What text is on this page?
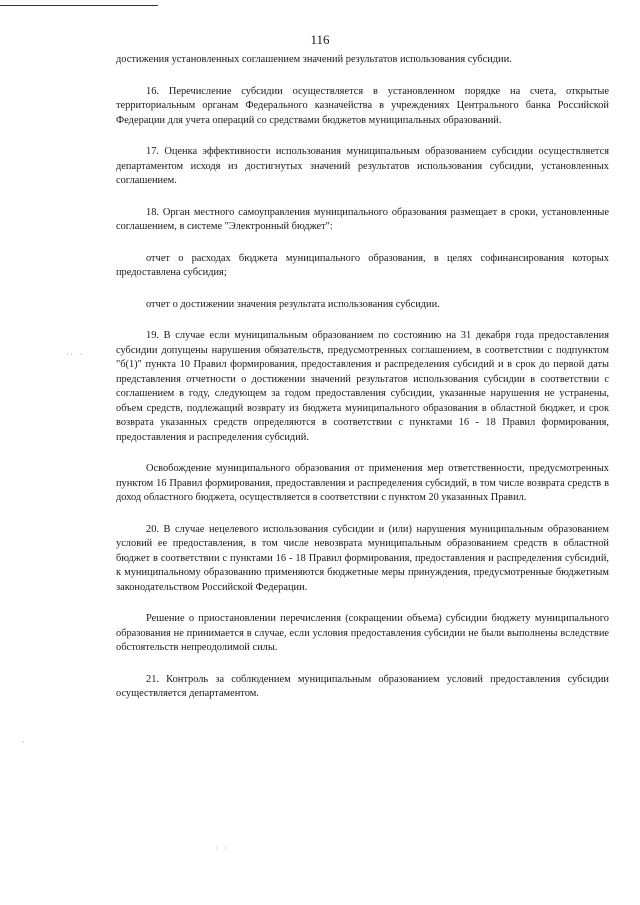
116

достижения установленных соглашением значений результатов использования субсидии.

16. Перечисление субсидии осуществляется в установленном порядке на счета, открытые территориальным органам Федерального казначейства в учреждениях Центрального банка Российской Федерации для учета операций со средствами бюджетов муниципальных образований.

17. Оценка эффективности использования муниципальным образованием субсидии осуществляется департаментом исходя из достигнутых значений результатов использования субсидии, установленных соглашением.

18. Орган местного самоуправления муниципального образования размещает в сроки, установленные соглашением, в системе "Электронный бюджет":

отчет о расходах бюджета муниципального образования, в целях софинансирования которых предоставлена субсидия;

отчет о достижении значения результата использования субсидии.

19. В случае если муниципальным образованием по состоянию на 31 декабря года предоставления субсидии допущены нарушения обязательств, предусмотренных соглашением, в соответствии с подпунктом "б(1)" пункта 10 Правил формирования, предоставления и распределения субсидий и в срок до первой даты представления отчетности о достижении значений результатов использования субсидии в соответствии с соглашением в году, следующем за годом предоставления субсидии, указанные нарушения не устранены, объем средств, подлежащий возврату из бюджета муниципального образования в областной бюджет, и срок возврата указанных средств определяются в соответствии с пунктами 16 - 18 Правил формирования, предоставления и распределения субсидий.

Освобождение муниципального образования от применения мер ответственности, предусмотренных пунктом 16 Правил формирования, предоставления и распределения субсидий, в том числе возврата средств в доход областного бюджета, осуществляется в соответствии с пунктом 20 указанных Правил.

20. В случае нецелевого использования субсидии и (или) нарушения муниципальным образованием условий ее предоставления, в том числе невозврата муниципальным образованием средств в областной бюджет в соответствии с пунктами 16 - 18 Правил формирования, предоставления и распределения субсидий, к муниципальному образованию применяются бюджетные меры принуждения, предусмотренные бюджетным законодательством Российской Федерации.

Решение о приостановлении перечисления (сокращении объема) субсидии бюджету муниципального образования не принимается в случае, если условия предоставления субсидии не были выполнены вследствие обстоятельств непреодолимой силы.

21. Контроль за соблюдением муниципальным образованием условий предоставления субсидии осуществляется департаментом.

·· ·
·
· ·
